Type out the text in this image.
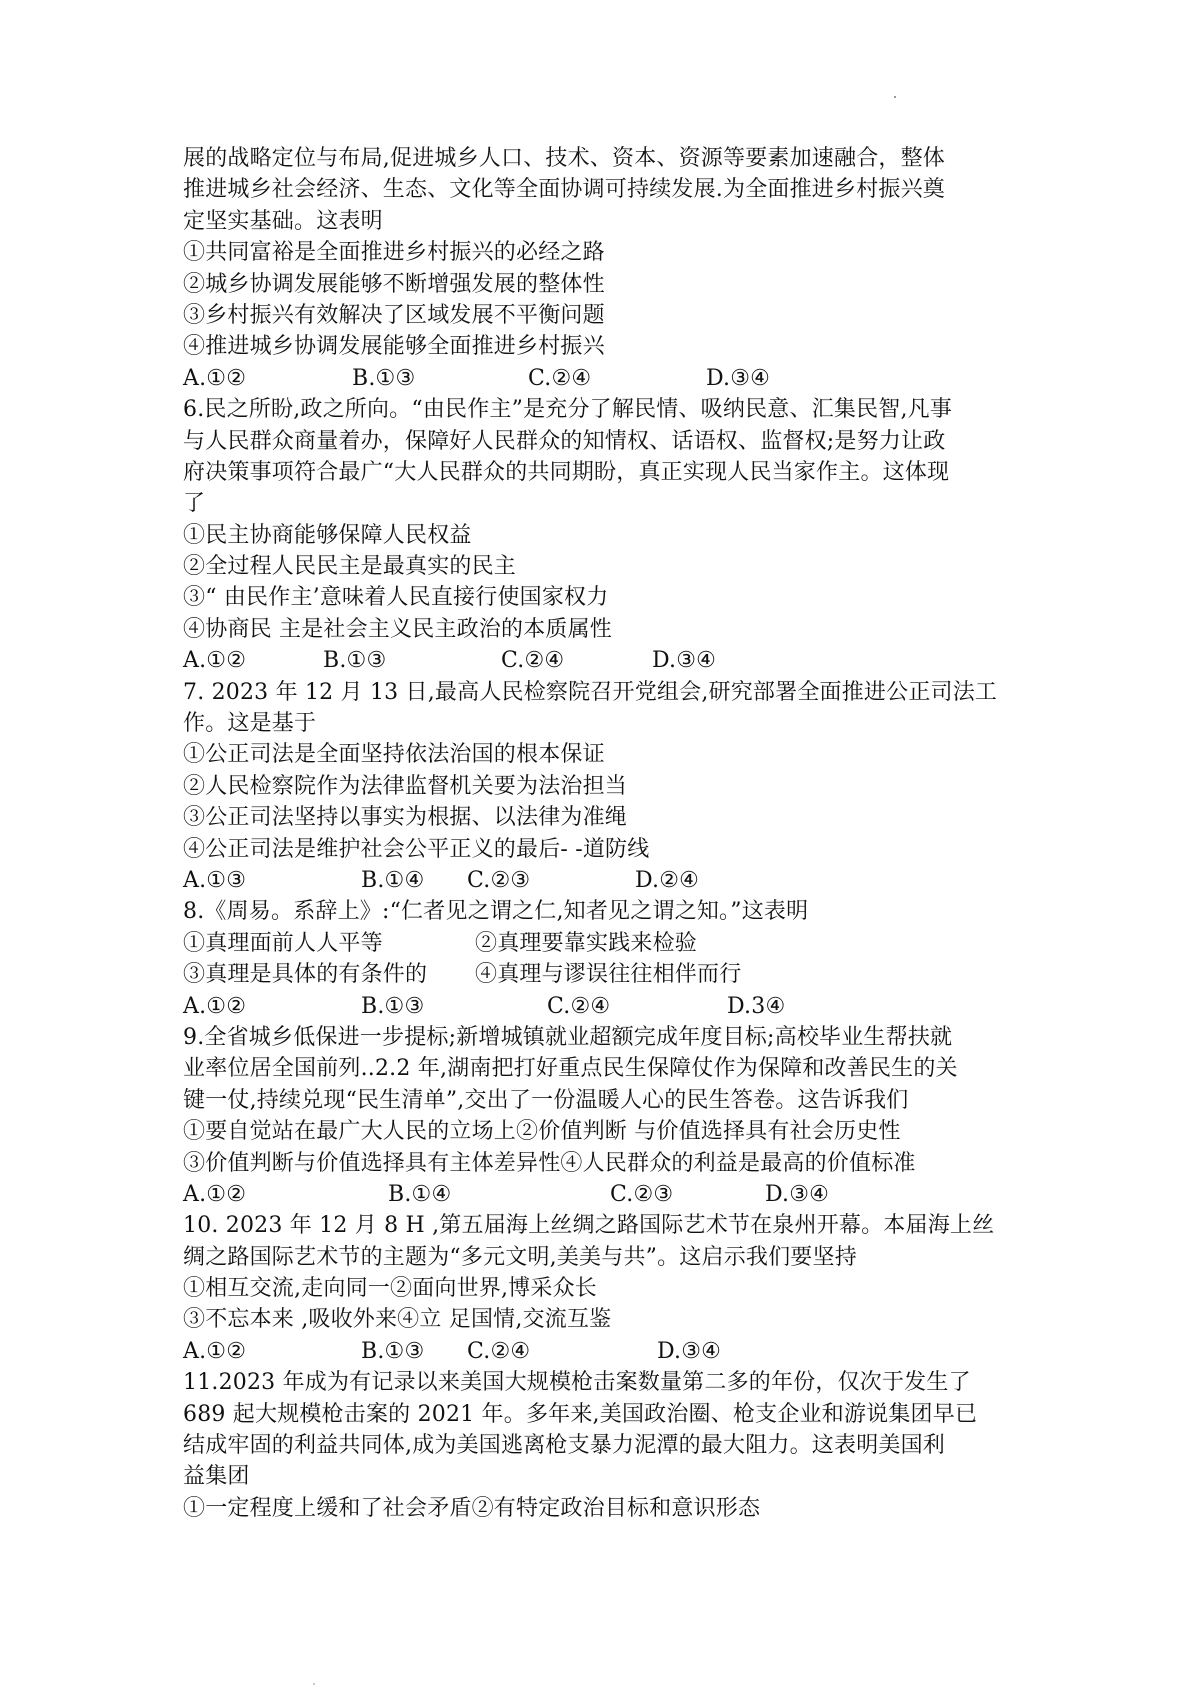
展的战略定位与布局,促进城乡人口、技术、资本、资源等要素加速融合，整体
推进城乡社会经济、生态、文化等全面协调可持续发展.为全面推进乡村振兴奠
定坚实基础。这表明
①共同富裕是全面推进乡村振兴的必经之路
②城乡协调发展能够不断增强发展的整体性
③乡村振兴有效解决了区域发展不平衡问题
④推进城乡协调发展能够全面推进乡村振兴
A.①②	B.①③	C.②④	D.③④
6.民之所盼,政之所向。“由民作主”是充分了解民情、吸纳民意、汇集民智,凡事
与人民群众商量着办，保障好人民群众的知情权、话语权、监督权;是努力让政
府决策事项符合最广“大人民群众的共同期盼，真正实现人民当家作主。这体现
了
①民主协商能够保障人民权益
②全过程人民民主是最真实的民主
③“ 由民作主’意味着人民直接行使国家权力
④协商民 主是社会主义民主政治的本质属性
A.①②	B.①③	C.②④	D.③④
7. 2023 年 12 月 13 日,最高人民检察院召开党组会,研究部署全面推进公正司法工
作。这是基于
①公正司法是全面坚持依法治国的根本保证
②人民检察院作为法律监督机关要为法治担当
③公正司法坚持以事实为根据、以法律为准绳
④公正司法是维护社会公平正义的最后- -道防线
A.①③	B.①④	C.②③	D.②④
8.《周易。系辞上》:“仁者见之谓之仁,知者见之谓之知。”这表明
①真理面前人人平等	②真理要靠实践来检验
③真理是具体的有条件的	④真理与谬误往往相伴而行
A.①②	B.①③	C.②④	D.3④
9.全省城乡低保进一步提标;新增城镇就业超额完成年度目标;高校毕业生帮扶就
业率位居全国前列..2.2 年,湖南把打好重点民生保障仗作为保障和改善民生的关
键一仗,持续兑现“民生清单”,交出了一份温暖人心的民生答卷。这告诉我们
①要自觉站在最广大人民的立场上②价值判断 与价值选择具有社会历史性
③价值判断与价值选择具有主体差异性④人民群众的利益是最高的价值标准
A.①②	B.①④	C.②③	D.③④
10. 2023 年 12 月 8 H ,第五届海上丝绸之路国际艺术节在泉州开幕。本届海上丝
绸之路国际艺术节的主题为“多元文明,美美与共”。这启示我们要坚持
①相互交流,走向同一②面向世界,博采众长
③不忘本来 ,吸收外来④立 足国情,交流互鉴
A.①②	B.①③	C.②④	D.③④
11.2023 年成为有记录以来美国大规模枪击案数量第二多的年份，仅次于发生了
689 起大规模枪击案的 2021 年。多年来,美国政治圈、枪支企业和游说集团早已
结成牢固的利益共同体,成为美国逃离枪支暴力泥潭的最大阻力。这表明美国利
益集团
①一定程度上缓和了社会矛盾②有特定政治目标和意识形态
